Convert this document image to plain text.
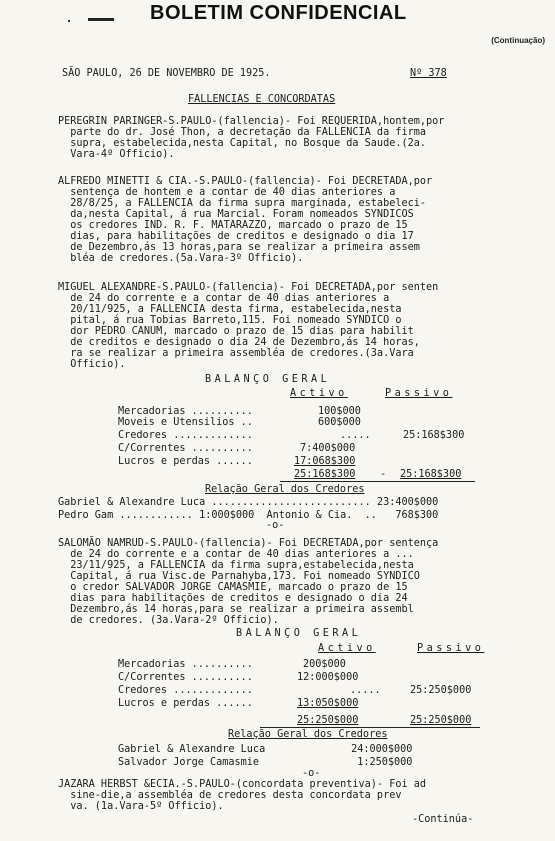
BOLETIM CONFIDENCIAL
(Continuação)
SÃO PAULO, 26 DE NOVEMBRO DE 1925.	Nº 378
FALLENCIAS E CONCORDATAS
PEREGRIN PARINGER-S.PAULO-(fallencia)- Foi REQUERIDA,hontem,por
parte do dr. José Thon, a decretação da FALLENCIA da firma
supra, estabelecida,nesta Capital, no Bosque da Saude.(2a.
Vara-4º Officio).
ALFREDO MINETTI & CIA.-S.PAULO-(fallencia)- Foi DECRETADA,por
sentença de hontem e a contar de 40 dias anteriores a
28/8/25, a FALLENCIA da firma supra marginada, estabeleci-
da,nesta Capital, á rua Marcial. Foram nomeados SYNDICOS
os credores IND. R. F. MATARAZZO, marcado o prazo de 15
dias, para habilitações de creditos e designado o dia 17
de Dezembro,ás 13 horas,para se realizar a primeira assem
bléa de credores.(5a.Vara-3º Officio).
MIGUEL ALEXANDRE-S.PAULO-(fallencia)- Foi DECRETADA,por senten
de 24 do corrente e a contar de 40 dias anteriores a
20/11/925, a FALLENCIA desta firma, estabelecida,nesta
pital, á rua Tobias Barreto,115. Foi nomeado SYNDICO o
dor PEDRO CANUM, marcado o prazo de 15 dias para habilit
de creditos e designado o dia 24 de Dezembro,ás 14 horas,
ra se realizar a primeira assembléa de credores.(3a.Vara
Officio).
BALANÇO GERAL
Activo	Passivo
Mercadorias ..........	100$000
Moveis e Utensilios ..	600$000
Credores .............	.....	25:168$300
C/Correntes ..........	7:400$000
Lucros e perdas ......	17:068$300
25:168$300 - 25:168$300
Relação Geral dos Credores
Gabriel & Alexandre Luca .......................... 23:400$000
Pedro Gam ............ 1:000$000  Antonio & Cia.  ..   768$300
-o-
SALOMÃO NAMRUD-S.PAULO-(fallencia)- Foi DECRETADA,por sentença
de 24 do corrente e a contar de 40 dias anteriores a ...
23/11/925, a FALLENCIA da firma supra,estabelecida,nesta
Capital, á rua Visc.de Parnahyba,173. Foi nomeado SYNDICO
o credor SALVADOR JORGE CAMASMIE, marcado o prazo de 15
dias para habilitações de creditos e designado o dia 24
Dezembro,ás 14 horas,para se realizar a primeira assembl
de credores. (3a.Vara-2º Officio).
BALANÇO GERAL
Activo	Passivo
Mercadorias ..........	200$000
C/Correntes ..........	12:000$000
Credores .............	.....	25:250$000
Lucros e perdas ......	13:050$000
25:250$000	25:250$000
Relação Geral dos Credores
Gabriel & Alexandre Luca              24:000$000
Salvador Jorge Camasmie                1:250$000
-o-
JAZARA HERBST &ECIA.-S.PAULO-(concordata preventiva)- Foi ad
sine-die,a assembléa de credores desta concordata prev
va. (1a.Vara-5º Officio).
-Continúa-
